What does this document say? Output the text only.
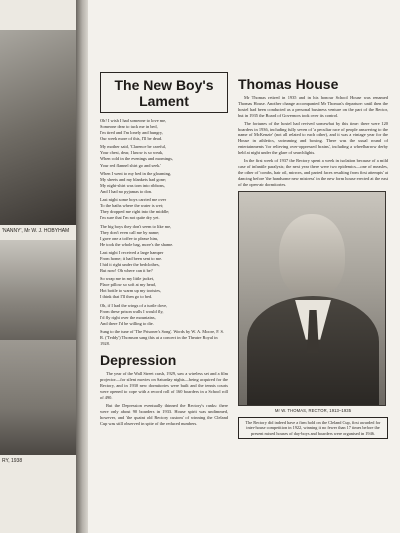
'NANNY', Mr W. J. HOBYHAM
RY, 1938
The New Boy's
Lament

Oh! I wish I had someone to love me,

Someone dear to tuck me in bed,

I'm tired and I'm lonely and hungry,

Our week more of this, I'll be dead.

My mother said, 'Clarence be careful,

Your chest, dear, I know is so weak,

When cold in the evenings and mornings,

Your red flannel shirt go and seek.'

When I went to my bed in the gloaming,

My sheets and my blankets had gone;

My night-shirt was torn into ribbons,

And I had no pyjamas to don.

Last night some boys carried me over

To the baths where the water is wet;

They dropped me right into the middle;

I'm sure that I'm not quite dry yet.

The big boys they don't seem to like me,

They don't even call me by name;

I gave one a toffee to please him,

He took the whole bag, more's the shame.

Last night I received a large hamper

From home; it had been sent to me.

I hid it right under the bedclothes,

But now! Oh where can it be?

So wrap me in my little jacket,

Place pillow so soft at my head,

Hot bottle to warm up my tootsies,

I think that I'll then go to bed.

Oh, if I had the wings of a turtle dove,

From these prison walls I would fly,

I'd fly right over the mountains,

And there I'd be willing to die.

Sung to the tune of 'The Prisoner's Song'. Words by W. A. Moore, F. S. R. ('Teddy') Thomson sang this at a concert in the Theatre Royal in 1928.

Depression

The year of the Wall Street crash, 1929, saw a wireless set and a film projector—for silent movies on Saturday nights—being acquired for the Rectory, and in 1930 new dormitories were built and the tennis courts were opened to cope with a record roll of 160 boarders in a School roll of 490.

But the Depression eventually thinned the Rectory's ranks: there were only about 90 boarders in 1933. House spirit was undimmed, however, and 'the quaint old Rectory custom' of winning the Cleland Cup was still observed in spite of the reduced numbers.

Thomas House

Mr Thomas retired in 1935 and in his honour School House was renamed Thomas House. Another change accompanied Mr Thomas's departure: until then the hostel had been conducted as a personal business venture on the part of the Rector, but in 1935 the Board of Governors took over its control.

The fortunes of the hostel had revived somewhat by this time: there were 120 boarders in 1936, including fully seven of 'a peculiar race of people answering to the name of McKenzie' (not all related to each other), and it was a vintage year for the House in athletics, swimming and boxing. There was the usual round of entertainments 'for relieving over-oppressed brains', including a wheelbarrow derby held at night under the glare of searchlights.

In the first week of 1937 the Rectory spent a week in isolation because of a mild case of infantile paralysis; the next year there were two epidemics—one of measles, the other of 'combs, hair oil, mirrors, and parted faces resulting from first attempts' at dancing before 'the handsome new mistress' in the new form house erected at the east of the open-air dormitories.

Mr W. THOMAS, RECTOR, 1913–1935

The Rectory did indeed have a firm hold on the Cleland Cup, first awarded for inter-house competition in 1922, winning it no fewer than 17 times before the present mixed houses of day-boys and boarders were organised in 1946.
